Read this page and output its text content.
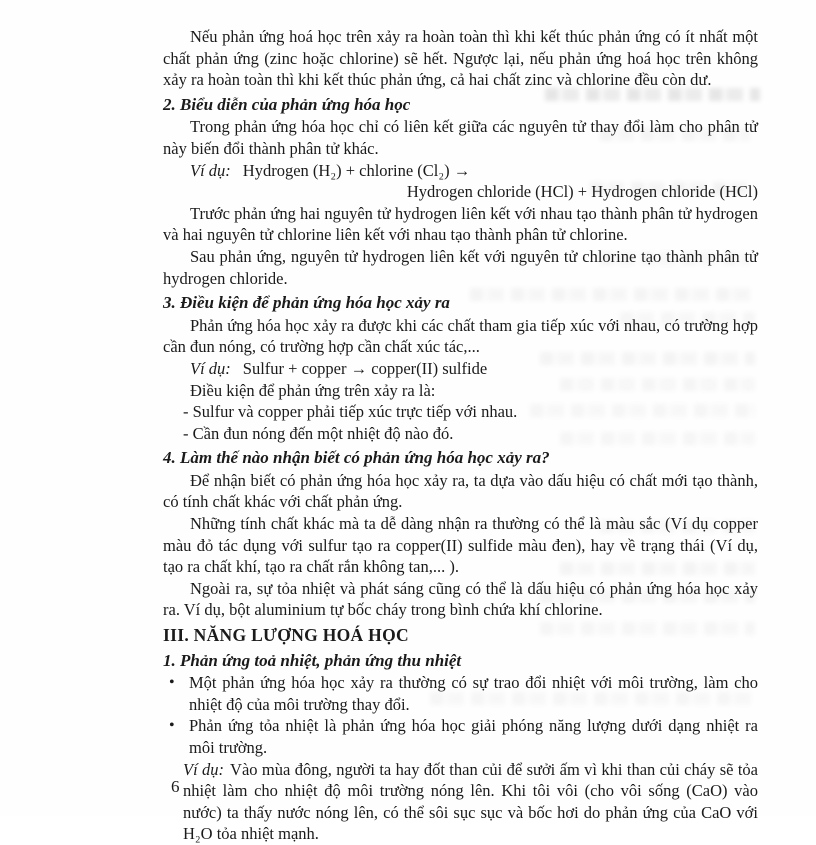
Nếu phản ứng hoá học trên xảy ra hoàn toàn thì khi kết thúc phản ứng có ít nhất một chất phản ứng (zinc hoặc chlorine) sẽ hết. Ngược lại, nếu phản ứng hoá học trên không xảy ra hoàn toàn thì khi kết thúc phản ứng, cả hai chất zinc và chlorine đều còn dư.

2. Biểu diễn của phản ứng hóa học

Trong phản ứng hóa học chỉ có liên kết giữa các nguyên tử thay đổi làm cho phân tử này biến đổi thành phân tử khác.

Ví dụ: Hydrogen (H₂) + chlorine (Cl₂) →

Hydrogen chloride (HCl) + Hydrogen chloride (HCl)

Trước phản ứng hai nguyên tử hydrogen liên kết với nhau tạo thành phân tử hydrogen và hai nguyên tử chlorine liên kết với nhau tạo thành phân tử chlorine.

Sau phản ứng, nguyên tử hydrogen liên kết với nguyên tử chlorine tạo thành phân tử hydrogen chloride.

3. Điều kiện để phản ứng hóa học xảy ra

Phản ứng hóa học xảy ra được khi các chất tham gia tiếp xúc với nhau, có trường hợp cần đun nóng, có trường hợp cần chất xúc tác,...

Ví dụ: Sulfur + copper → copper(II) sulfide

Điều kiện để phản ứng trên xảy ra là:

- Sulfur và copper phải tiếp xúc trực tiếp với nhau.

- Cần đun nóng đến một nhiệt độ nào đó.

4. Làm thế nào nhận biết có phản ứng hóa học xảy ra?

Để nhận biết có phản ứng hóa học xảy ra, ta dựa vào dấu hiệu có chất mới tạo thành, có tính chất khác với chất phản ứng.

Những tính chất khác mà ta dễ dàng nhận ra thường có thể là màu sắc (Ví dụ copper màu đỏ tác dụng với sulfur tạo ra copper(II) sulfide màu đen), hay về trạng thái (Ví dụ, tạo ra chất khí, tạo ra chất rắn không tan,... ).

Ngoài ra, sự tỏa nhiệt và phát sáng cũng có thể là dấu hiệu có phản ứng hóa học xảy ra. Ví dụ, bột aluminium tự bốc cháy trong bình chứa khí chlorine.

III. NĂNG LƯỢNG HOÁ HỌC

1. Phản ứng toả nhiệt, phản ứng thu nhiệt

• Một phản ứng hóa học xảy ra thường có sự trao đổi nhiệt với môi trường, làm cho nhiệt độ của môi trường thay đổi.

• Phản ứng tỏa nhiệt là phản ứng hóa học giải phóng năng lượng dưới dạng nhiệt ra môi trường.

Ví dụ: Vào mùa đông, người ta hay đốt than củi để sưởi ấm vì khi than củi cháy sẽ tỏa nhiệt làm cho nhiệt độ môi trường nóng lên. Khi tôi vôi (cho vôi sống (CaO) vào nước) ta thấy nước nóng lên, có thể sôi sục sục và bốc hơi do phản ứng của CaO với H₂O tỏa nhiệt mạnh.

6
